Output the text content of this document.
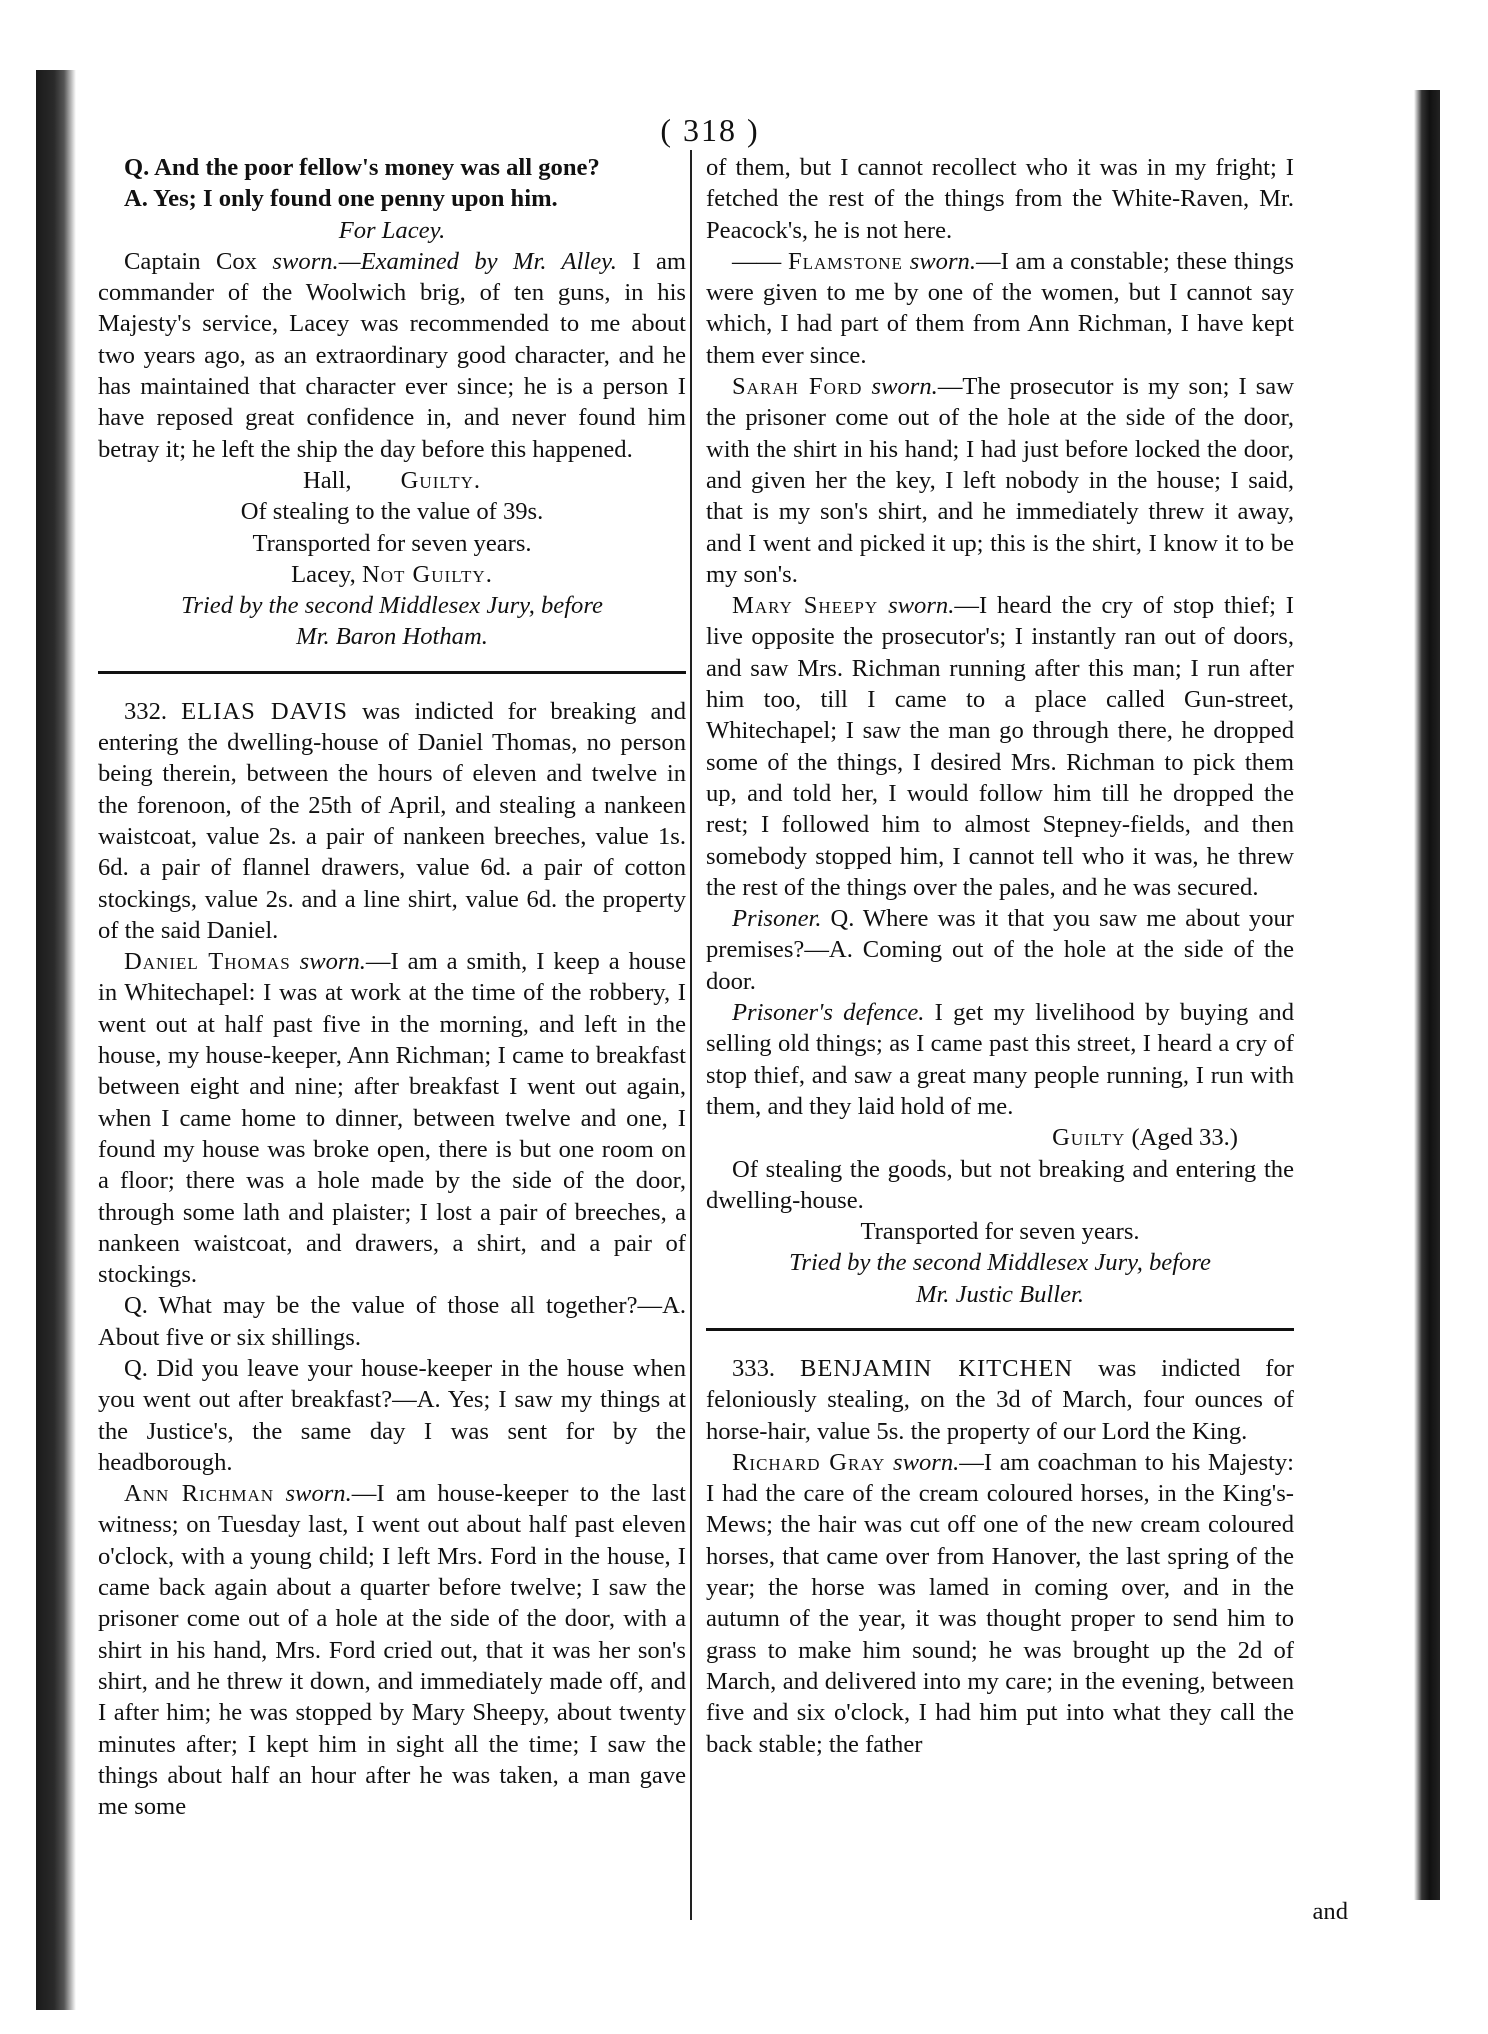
( 318 )

Q. And the poor fellow's money was all gone?

A. Yes; I only found one penny upon him.

For Lacey.

Captain Cox sworn.—Examined by Mr. Alley. I am commander of the Woolwich brig, of ten guns, in his Majesty's service, Lacey was recommended to me about two years ago, as an extraordinary good character, and he has maintained that character ever since; he is a person I have reposed great confidence in, and never found him betray it; he left the ship the day before this happened.

Hall, Guilty.

Of stealing to the value of 39s.

Transported for seven years.

Lacey, Not Guilty.

Tried by the second Middlesex Jury, before

Mr. Baron Hotham.

332. ELIAS DAVIS was indicted for breaking and entering the dwelling-house of Daniel Thomas, no person being therein, between the hours of eleven and twelve in the forenoon, of the 25th of April, and stealing a nankeen waistcoat, value 2s. a pair of nankeen breeches, value 1s. 6d. a pair of flannel drawers, value 6d. a pair of cotton stockings, value 2s. and a line shirt, value 6d. the property of the said Daniel.

Daniel Thomas sworn.—I am a smith, I keep a house in Whitechapel: I was at work at the time of the robbery, I went out at half past five in the morning, and left in the house, my house-keeper, Ann Richman; I came to breakfast between eight and nine; after breakfast I went out again, when I came home to dinner, between twelve and one, I found my house was broke open, there is but one room on a floor; there was a hole made by the side of the door, through some lath and plaister; I lost a pair of breeches, a nankeen waistcoat, and drawers, a shirt, and a pair of stockings.

Q. What may be the value of those all together?—A. About five or six shillings.

Q. Did you leave your house-keeper in the house when you went out after breakfast?—A. Yes; I saw my things at the Justice's, the same day I was sent for by the headborough.

Ann Richman sworn.—I am house-keeper to the last witness; on Tuesday last, I went out about half past eleven o'clock, with a young child; I left Mrs. Ford in the house, I came back again about a quarter before twelve; I saw the prisoner come out of a hole at the side of the door, with a shirt in his hand, Mrs. Ford cried out, that it was her son's shirt, and he threw it down, and immediately made off, and I after him; he was stopped by Mary Sheepy, about twenty minutes after; I kept him in sight all the time; I saw the things about half an hour after he was taken, a man gave me some

of them, but I cannot recollect who it was in my fright; I fetched the rest of the things from the White-Raven, Mr. Peacock's, he is not here.

—— Flamstone sworn.—I am a constable; these things were given to me by one of the women, but I cannot say which, I had part of them from Ann Richman, I have kept them ever since.

Sarah Ford sworn.—The prosecutor is my son; I saw the prisoner come out of the hole at the side of the door, with the shirt in his hand; I had just before locked the door, and given her the key, I left nobody in the house; I said, that is my son's shirt, and he immediately threw it away, and I went and picked it up; this is the shirt, I know it to be my son's.

Mary Sheepy sworn.—I heard the cry of stop thief; I live opposite the prosecutor's; I instantly ran out of doors, and saw Mrs. Richman running after this man; I run after him too, till I came to a place called Gun-street, Whitechapel; I saw the man go through there, he dropped some of the things, I desired Mrs. Richman to pick them up, and told her, I would follow him till he dropped the rest; I followed him to almost Stepney-fields, and then somebody stopped him, I cannot tell who it was, he threw the rest of the things over the pales, and he was secured.

Prisoner. Q. Where was it that you saw me about your premises?—A. Coming out of the hole at the side of the door.

Prisoner's defence. I get my livelihood by buying and selling old things; as I came past this street, I heard a cry of stop thief, and saw a great many people running, I run with them, and they laid hold of me.

Guilty (Aged 33.)

Of stealing the goods, but not breaking and entering the dwelling-house.

Transported for seven years.

Tried by the second Middlesex Jury, before

Mr. Justic Buller.

333. BENJAMIN KITCHEN was indicted for feloniously stealing, on the 3d of March, four ounces of horse-hair, value 5s. the property of our Lord the King.

Richard Gray sworn.—I am coachman to his Majesty: I had the care of the cream coloured horses, in the King's-Mews; the hair was cut off one of the new cream coloured horses, that came over from Hanover, the last spring of the year; the horse was lamed in coming over, and in the autumn of the year, it was thought proper to send him to grass to make him sound; he was brought up the 2d of March, and delivered into my care; in the evening, between five and six o'clock, I had him put into what they call the back stable; the father

and
